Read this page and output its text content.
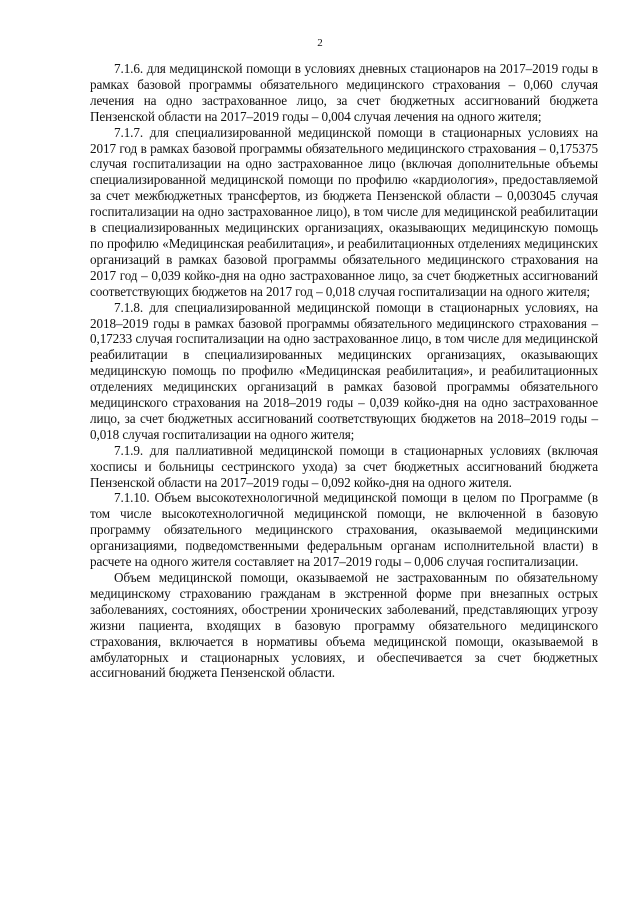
2

7.1.6. для медицинской помощи в условиях дневных стационаров на 2017–2019 годы в рамках базовой программы обязательного медицинского страхования – 0,060 случая лечения на одно застрахованное лицо, за счет бюджетных ассигнований бюджета Пензенской области на 2017–2019 годы – 0,004 случая лечения на одного жителя;

7.1.7. для специализированной медицинской помощи в стационарных условиях на 2017 год в рамках базовой программы обязательного медицинского страхования – 0,175375 случая госпитализации на одно застрахованное лицо (включая дополнительные объемы специализированной медицинской помощи по профилю «кардиология», предоставляемой за счет межбюджетных трансфертов, из бюджета Пензенской области – 0,003045 случая госпитализации на одно застрахованное лицо), в том числе для медицинской реабилитации в специализированных медицинских организациях, оказывающих медицинскую помощь по профилю «Медицинская реабилитация», и реабилитационных отделениях медицинских организаций в рамках базовой программы обязательного медицинского страхования на 2017 год – 0,039 койко-дня на одно застрахованное лицо, за счет бюджетных ассигнований соответствующих бюджетов на 2017 год – 0,018 случая госпитализации на одного жителя;

7.1.8. для специализированной медицинской помощи в стационарных условиях, на 2018–2019 годы в рамках базовой программы обязательного медицинского страхования – 0,17233 случая госпитализации на одно застрахованное лицо, в том числе для медицинской реабилитации в специализированных медицинских организациях, оказывающих медицинскую помощь по профилю «Медицинская реабилитация», и реабилитационных отделениях медицинских организаций в рамках базовой программы обязательного медицинского страхования на 2018–2019 годы – 0,039 койко-дня на одно застрахованное лицо, за счет бюджетных ассигнований соответствующих бюджетов на 2018–2019 годы – 0,018 случая госпитализации на одного жителя;

7.1.9. для паллиативной медицинской помощи в стационарных условиях (включая хосписы и больницы сестринского ухода) за счет бюджетных ассигнований бюджета Пензенской области на 2017–2019 годы – 0,092 койко-дня на одного жителя.

7.1.10. Объем высокотехнологичной медицинской помощи в целом по Программе (в том числе высокотехнологичной медицинской помощи, не включенной в базовую программу обязательного медицинского страхования, оказываемой медицинскими организациями, подведомственными федеральным органам исполнительной власти) в расчете на одного жителя составляет на 2017–2019 годы – 0,006 случая госпитализации.

Объем медицинской помощи, оказываемой не застрахованным по обязательному медицинскому страхованию гражданам в экстренной форме при внезапных острых заболеваниях, состояниях, обострении хронических заболеваний, представляющих угрозу жизни пациента, входящих в базовую программу обязательного медицинского страхования, включается в нормативы объема медицинской помощи, оказываемой в амбулаторных и стационарных условиях, и обеспечивается за счет бюджетных ассигнований бюджета Пензенской области.
